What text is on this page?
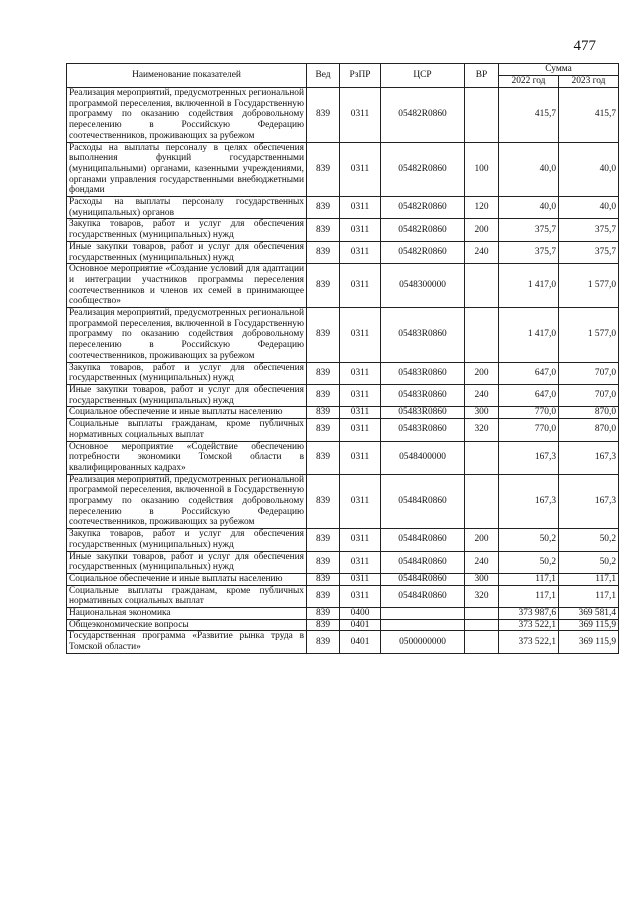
477
Наименование показателей	Вед	РзПР	ЦСР	ВР	Сумма	
					2022 год	2023 год
Реализация мероприятий, предусмотренных региональной программой переселения, включенной в Государственную программу по оказанию содействия добровольному переселению в Российскую Федерацию соотечественников, проживающих за рубежом	839	0311	05482R0860		415,7	415,7
Расходы на выплаты персоналу в целях обеспечения выполнения функций государственными (муниципальными) органами, казенными учреждениями, органами управления государственными внебюджетными фондами	839	0311	05482R0860	100	40,0	40,0
Расходы на выплаты персоналу государственных (муниципальных) органов	839	0311	05482R0860	120	40,0	40,0
Закупка товаров, работ и услуг для обеспечения государственных (муниципальных) нужд	839	0311	05482R0860	200	375,7	375,7
Иные закупки товаров, работ и услуг для обеспечения государственных (муниципальных) нужд	839	0311	05482R0860	240	375,7	375,7
Основное мероприятие «Создание условий для адаптации и интеграции участников программы переселения соотечественников и членов их семей в принимающее сообщество»	839	0311	0548300000		1 417,0	1 577,0
Реализация мероприятий, предусмотренных региональной программой переселения, включенной в Государственную программу по оказанию содействия добровольному переселению в Российскую Федерацию соотечественников, проживающих за рубежом	839	0311	05483R0860		1 417,0	1 577,0
Закупка товаров, работ и услуг для обеспечения государственных (муниципальных) нужд	839	0311	05483R0860	200	647,0	707,0
Иные закупки товаров, работ и услуг для обеспечения государственных (муниципальных) нужд	839	0311	05483R0860	240	647,0	707,0
Социальное обеспечение и иные выплаты населению	839	0311	05483R0860	300	770,0	870,0
Социальные выплаты гражданам, кроме публичных нормативных социальных выплат	839	0311	05483R0860	320	770,0	870,0
Основное мероприятие «Содействие обеспечению потребности экономики Томской области в квалифицированных кадрах»	839	0311	0548400000		167,3	167,3
Реализация мероприятий, предусмотренных региональной программой переселения, включенной в Государственную программу по оказанию содействия добровольному переселению в Российскую Федерацию соотечественников, проживающих за рубежом	839	0311	05484R0860		167,3	167,3
Закупка товаров, работ и услуг для обеспечения государственных (муниципальных) нужд	839	0311	05484R0860	200	50,2	50,2
Иные закупки товаров, работ и услуг для обеспечения государственных (муниципальных) нужд	839	0311	05484R0860	240	50,2	50,2
Социальное обеспечение и иные выплаты населению	839	0311	05484R0860	300	117,1	117,1
Социальные выплаты гражданам, кроме публичных нормативных социальных выплат	839	0311	05484R0860	320	117,1	117,1
Национальная экономика	839	0400			373 987,6	369 581,4
Общеэкономические вопросы	839	0401			373 522,1	369 115,9
Государственная программа «Развитие рынка труда в Томской области»	839	0401	0500000000		373 522,1	369 115,9
